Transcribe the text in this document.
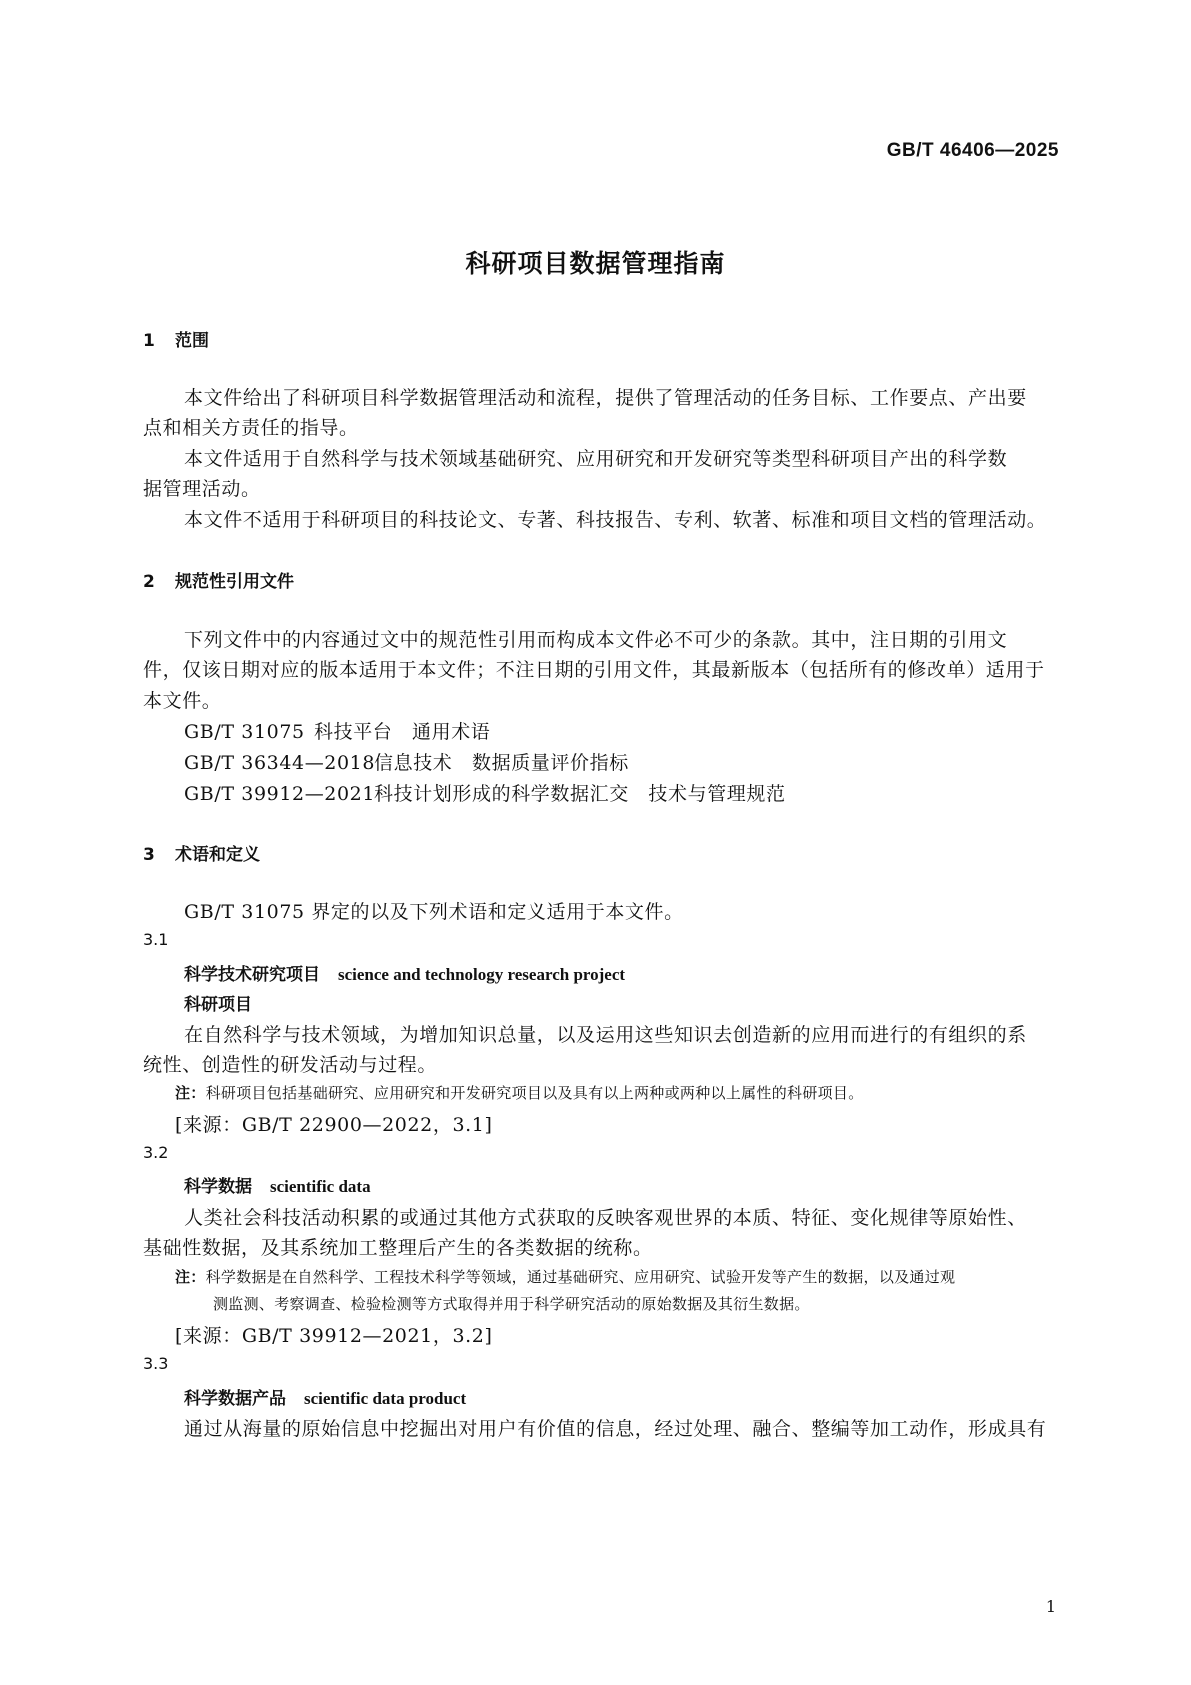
GB/T 46406—2025
科研项目数据管理指南
1 范围
本文件给出了科研项目科学数据管理活动和流程，提供了管理活动的任务目标、工作要点、产出要
点和相关方责任的指导。
本文件适用于自然科学与技术领域基础研究、应用研究和开发研究等类型科研项目产出的科学数
据管理活动。
本文件不适用于科研项目的科技论文、专著、科技报告、专利、软著、标准和项目文档的管理活动。
2 规范性引用文件
下列文件中的内容通过文中的规范性引用而构成本文件必不可少的条款。其中，注日期的引用文
件，仅该日期对应的版本适用于本文件；不注日期的引用文件，其最新版本（包括所有的修改单）适用于
本文件。
GB/T 31075 科技平台　通用术语
GB/T 36344—2018信息技术　数据质量评价指标
GB/T 39912—2021科技计划形成的科学数据汇交　技术与管理规范
3 术语和定义
GB/T 31075 界定的以及下列术语和定义适用于本文件。
3.1
科学技术研究项目 science and technology research project
科研项目
在自然科学与技术领域，为增加知识总量，以及运用这些知识去创造新的应用而进行的有组织的系
统性、创造性的研发活动与过程。
注：科研项目包括基础研究、应用研究和开发研究项目以及具有以上两种或两种以上属性的科研项目。
[来源：GB/T 22900—2022，3.1]
3.2
科学数据 scientific data
人类社会科技活动积累的或通过其他方式获取的反映客观世界的本质、特征、变化规律等原始性、
基础性数据，及其系统加工整理后产生的各类数据的统称。
注：科学数据是在自然科学、工程技术科学等领域，通过基础研究、应用研究、试验开发等产生的数据，以及通过观
测监测、考察调查、检验检测等方式取得并用于科学研究活动的原始数据及其衍生数据。
[来源：GB/T 39912—2021，3.2]
3.3
科学数据产品 scientific data product
通过从海量的原始信息中挖掘出对用户有价值的信息，经过处理、融合、整编等加工动作，形成具有
1
